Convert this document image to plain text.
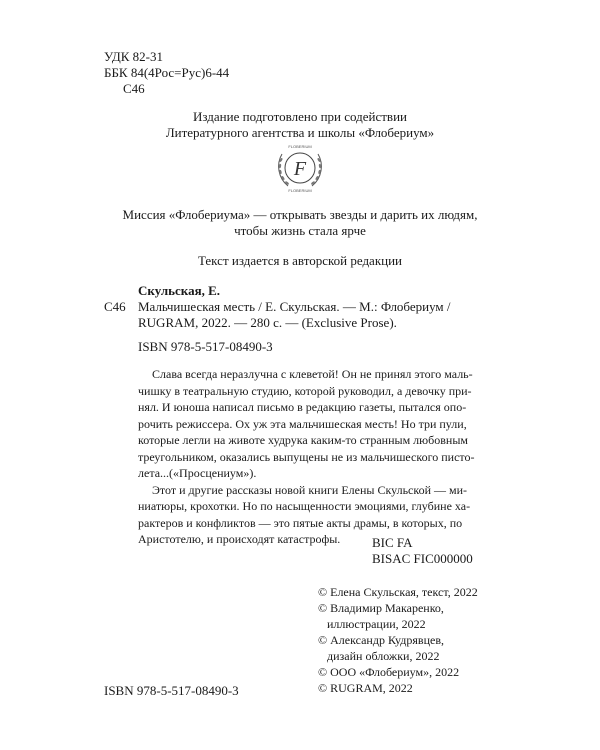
УДК 82-31
ББК 84(4Рос=Рус)6-44
С46
Издание подготовлено при содействии
Литературного агентства и школы «Флобериум»
F
FLOBERIUM
FLOBERIUM
Миссия «Флобериума» — открывать звезды и дарить их людям,
чтобы жизнь стала ярче
Текст издается в авторской редакции
Скульская, Е.
С46 Мальчишеская месть / Е. Скульская. — М.: Флобериум /
RUGRAM, 2022. — 280 с. — (Exclusive Prose).
ISBN 978-5-517-08490-3
Слава всегда неразлучна с клеветой! Он не принял этого маль-
чишку в театральную студию, которой руководил, а девочку при-
нял. И юноша написал письмо в редакцию газеты, пытался опо-
рочить режиссера. Ох уж эта мальчишеская месть! Но три пули,
которые легли на животе худрука каким-то странным любовным
треугольником, оказались выпущены не из мальчишеского писто-
лета...(«Просцениум»).
Этот и другие рассказы новой книги Елены Скульской — ми-
ниатюры, крохотки. Но по насыщенности эмоциями, глубине ха-
рактеров и конфликтов — это пятые акты драмы, в которых, по
Аристотелю, и происходят катастрофы.	BIC FA
BISAC FIC000000
© Елена Скульская, текст, 2022
© Владимир Макаренко,
иллюстрации, 2022
© Александр Кудрявцев,
дизайн обложки, 2022
© ООО «Флобериум», 2022
© RUGRAM, 2022
ISBN 978-5-517-08490-3
